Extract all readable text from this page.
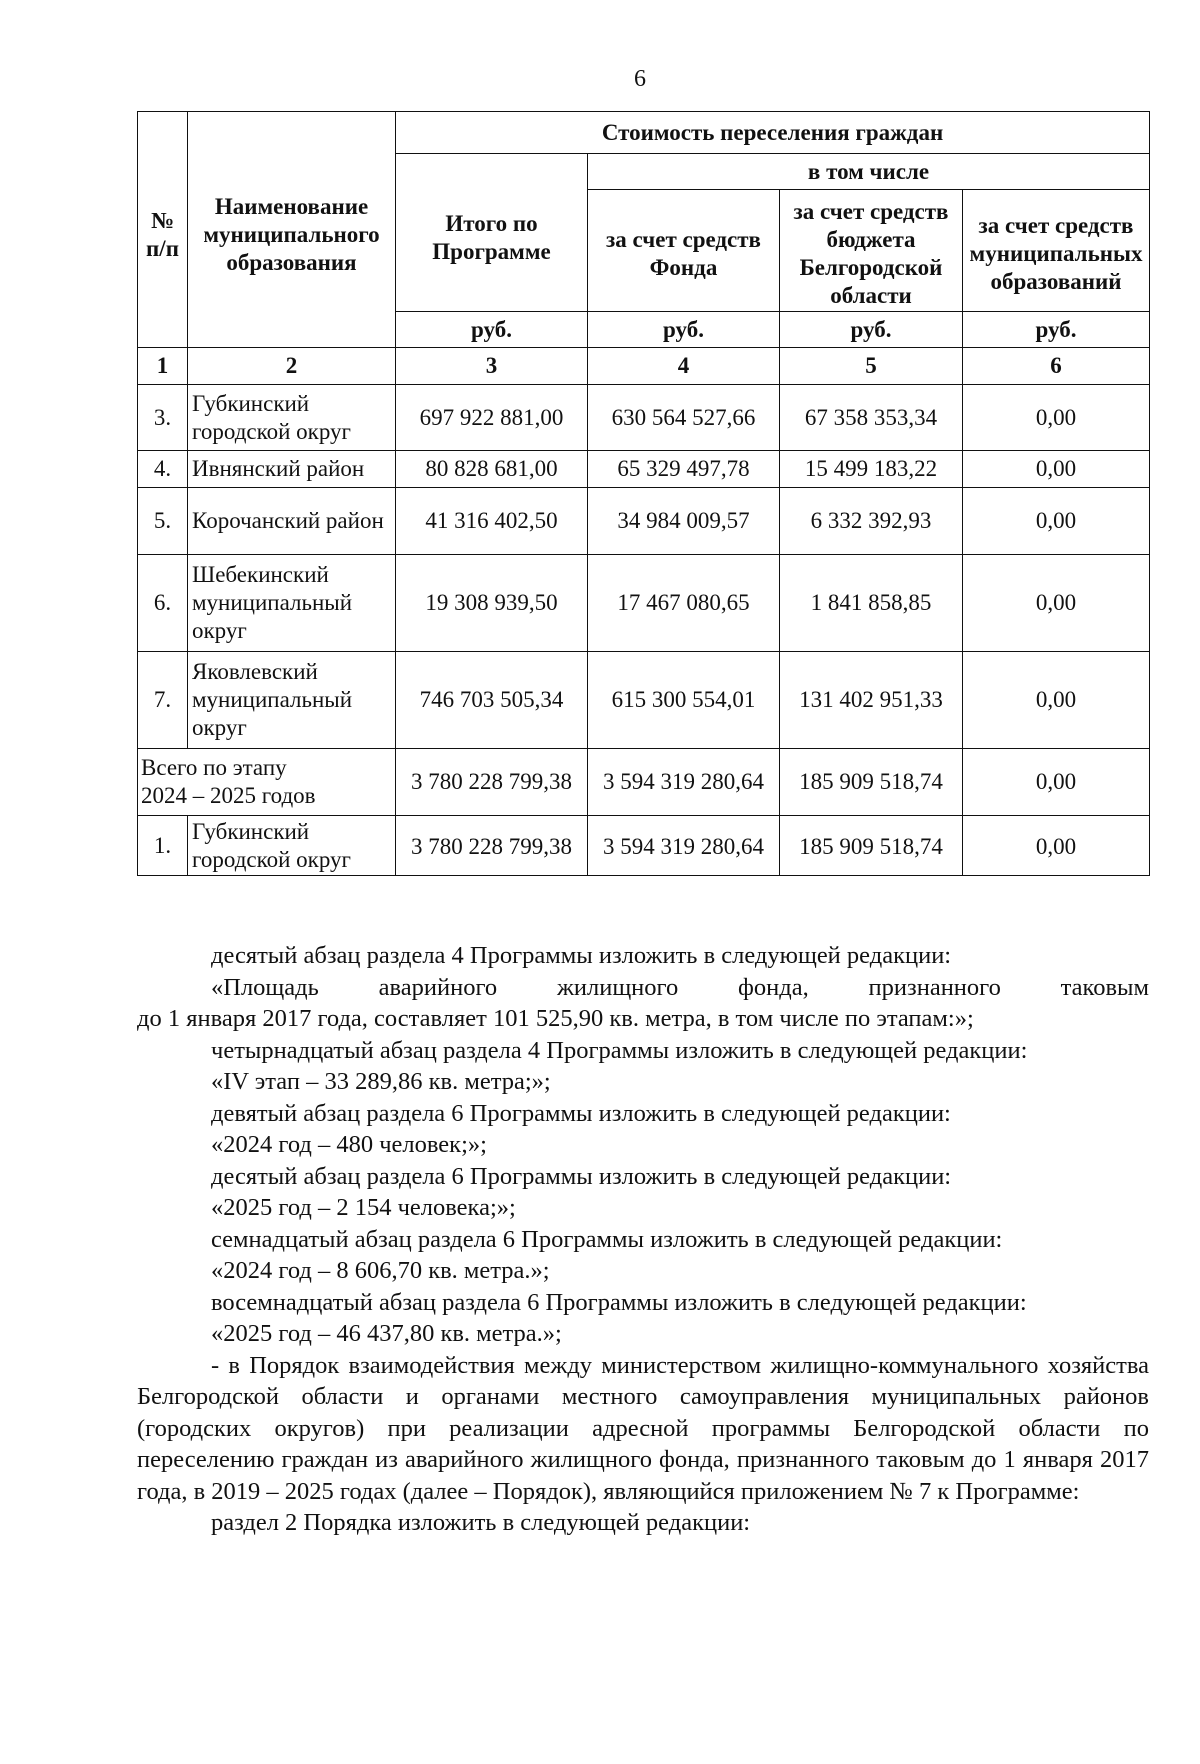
6
№ п/п	Наименование муниципального образования	Стоимость переселения граждан			
		Итого по Программе	в том числе		
			за счет средств Фонда	за счет средств бюджета Белгородской области	за счет средств муниципальных образований
		руб.	руб.	руб.	руб.
1	2	3	4	5	6
3.	Губкинский городской округ	697 922 881,00	630 564 527,66	67 358 353,34	0,00
4.	Ивнянский район	80 828 681,00	65 329 497,78	15 499 183,22	0,00
5.	Корочанский район	41 316 402,50	34 984 009,57	6 332 392,93	0,00
6.	Шебекинский муниципальный округ	19 308 939,50	17 467 080,65	1 841 858,85	0,00
7.	Яковлевский муниципальный округ	746 703 505,34	615 300 554,01	131 402 951,33	0,00
Всего по этапу 2024 – 2025 годов		3 780 228 799,38	3 594 319 280,64	185 909 518,74	0,00
1.	Губкинский городской округ	3 780 228 799,38	3 594 319 280,64	185 909 518,74	0,00

десятый абзац раздела 4 Программы изложить в следующей редакции:

«Площадь аварийного жилищного фонда, признанного таковым

до 1 января 2017 года, составляет 101 525,90 кв. метра, в том числе по этапам:»;

четырнадцатый абзац раздела 4 Программы изложить в следующей редакции:

«IV этап – 33 289,86 кв. метра;»;

девятый абзац раздела 6 Программы изложить в следующей редакции:

«2024 год – 480 человек;»;

десятый абзац раздела 6 Программы изложить в следующей редакции:

«2025 год – 2 154 человека;»;

семнадцатый абзац раздела 6 Программы изложить в следующей редакции:

«2024 год – 8 606,70 кв. метра.»;

восемнадцатый абзац раздела 6 Программы изложить в следующей редакции:

«2025 год – 46 437,80 кв. метра.»;

- в Порядок взаимодействия между министерством жилищно-коммунального хозяйства Белгородской области и органами местного самоуправления муниципальных районов (городских округов) при реализации адресной программы Белгородской области по переселению граждан из аварийного жилищного фонда, признанного таковым до 1 января 2017 года, в 2019 – 2025 годах (далее – Порядок), являющийся приложением № 7 к Программе:

раздел 2 Порядка изложить в следующей редакции:
